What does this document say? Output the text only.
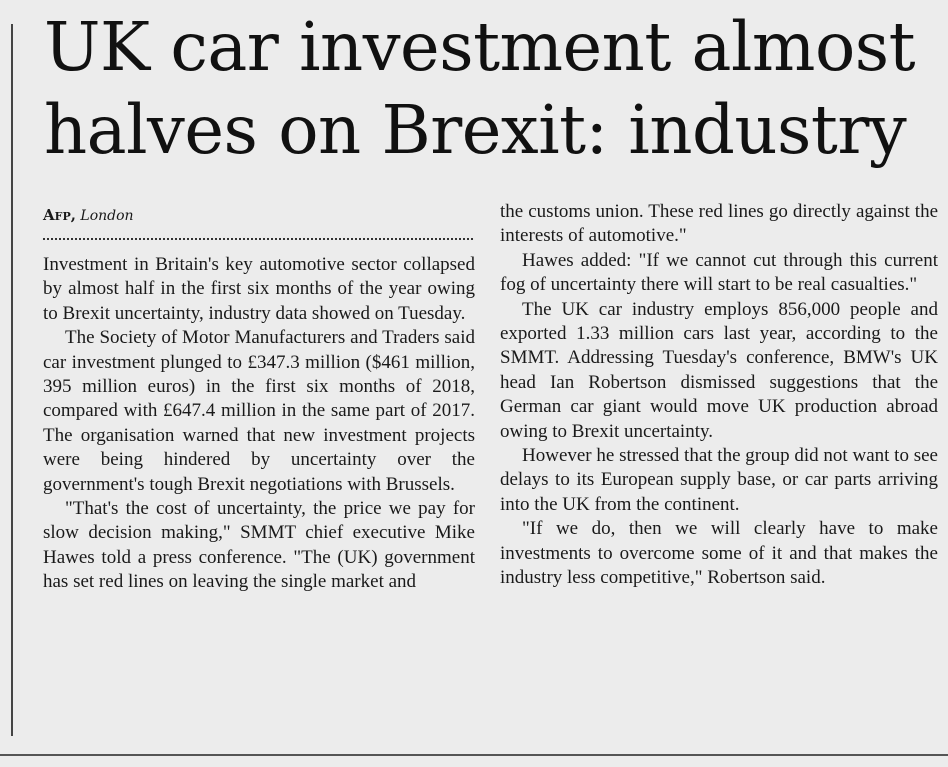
UK car investment almost
halves on Brexit: industry
Afp, London

Investment in Britain's key automotive sector collapsed by almost half in the first six months of the year owing to Brexit uncertainty, industry data showed on Tuesday.

The Society of Motor Manufacturers and Traders said car investment plunged to £347.3 million ($461 million, 395 million euros) in the first six months of 2018, compared with £647.4 million in the same part of 2017. The organisation warned that new investment projects were being hindered by uncertainty over the government's tough Brexit negotiations with Brussels.

"That's the cost of uncertainty, the price we pay for slow decision making," SMMT chief executive Mike Hawes told a press conference. "The (UK) government has set red lines on leaving the single market and

the customs union. These red lines go directly against the interests of automotive."

Hawes added: "If we cannot cut through this current fog of uncertainty there will start to be real casualties."

The UK car industry employs 856,000 people and exported 1.33 million cars last year, according to the SMMT. Addressing Tuesday's conference, BMW's UK head Ian Robertson dismissed suggestions that the German car giant would move UK production abroad owing to Brexit uncertainty.

However he stressed that the group did not want to see delays to its European supply base, or car parts arriving into the UK from the continent.

"If we do, then we will clearly have to make investments to overcome some of it and that makes the industry less competitive," Robertson said.
